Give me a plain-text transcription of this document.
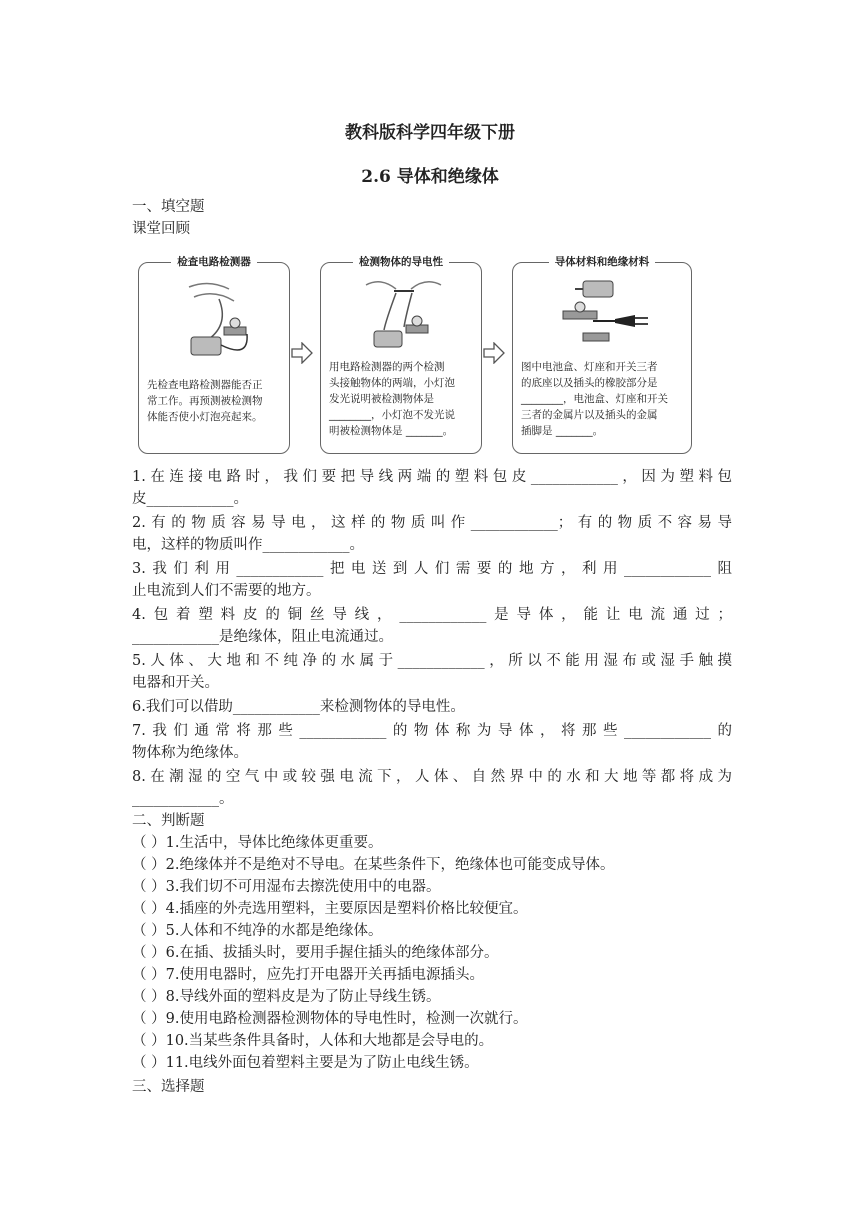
教科版科学四年级下册
2.6 导体和绝缘体
一、填空题
课堂回顾
检查电路检测器
先检查电路检测器能否正
常工作。再预测被检测物
体能否使小灯泡亮起来。
检测物体的导电性
用电路检测器的两个检测
头接触物体的两端，小灯泡
发光说明被检测物体是
________，小灯泡不发光说
明被检测物体是 _______。
导体材料和绝缘材料
图中电池盒、灯座和开关三者
的底座以及插头的橡胶部分是
________，电池盒、灯座和开关
三者的金属片以及插头的金属
插脚是 _______。
1.在连接电路时，我们要把导线两端的塑料包皮____________，因为塑料包
皮____________。
2.有的物质容易导电，这样的物质叫作____________；有的物质不容易导
电，这样的物质叫作____________。
3.我们利用____________把电送到人们需要的地方，利用____________阻
止电流到人们不需要的地方。
4.包着塑料皮的铜丝导线，____________是导体，能让电流通过；
____________是绝缘体，阻止电流通过。
5.人体、大地和不纯净的水属于____________，所以不能用湿布或湿手触摸
电器和开关。
6.我们可以借助____________来检测物体的导电性。
7.我们通常将那些____________的物体称为导体，将那些____________的
物体称为绝缘体。
8.在潮湿的空气中或较强电流下，人体、自然界中的水和大地等都将成为
____________。
二、判断题
（ ）1.生活中，导体比绝缘体更重要。
（ ）2.绝缘体并不是绝对不导电。在某些条件下，绝缘体也可能变成导体。
（ ）3.我们切不可用湿布去擦洗使用中的电器。
（ ）4.插座的外壳选用塑料，主要原因是塑料价格比较便宜。
（ ）5.人体和不纯净的水都是绝缘体。
（ ）6.在插、拔插头时，要用手握住插头的绝缘体部分。
（ ）7.使用电器时，应先打开电器开关再插电源插头。
（ ）8.导线外面的塑料皮是为了防止导线生锈。
（ ）9.使用电路检测器检测物体的导电性时，检测一次就行。
（ ）10.当某些条件具备时，人体和大地都是会导电的。
（ ）11.电线外面包着塑料主要是为了防止电线生锈。
三、选择题
